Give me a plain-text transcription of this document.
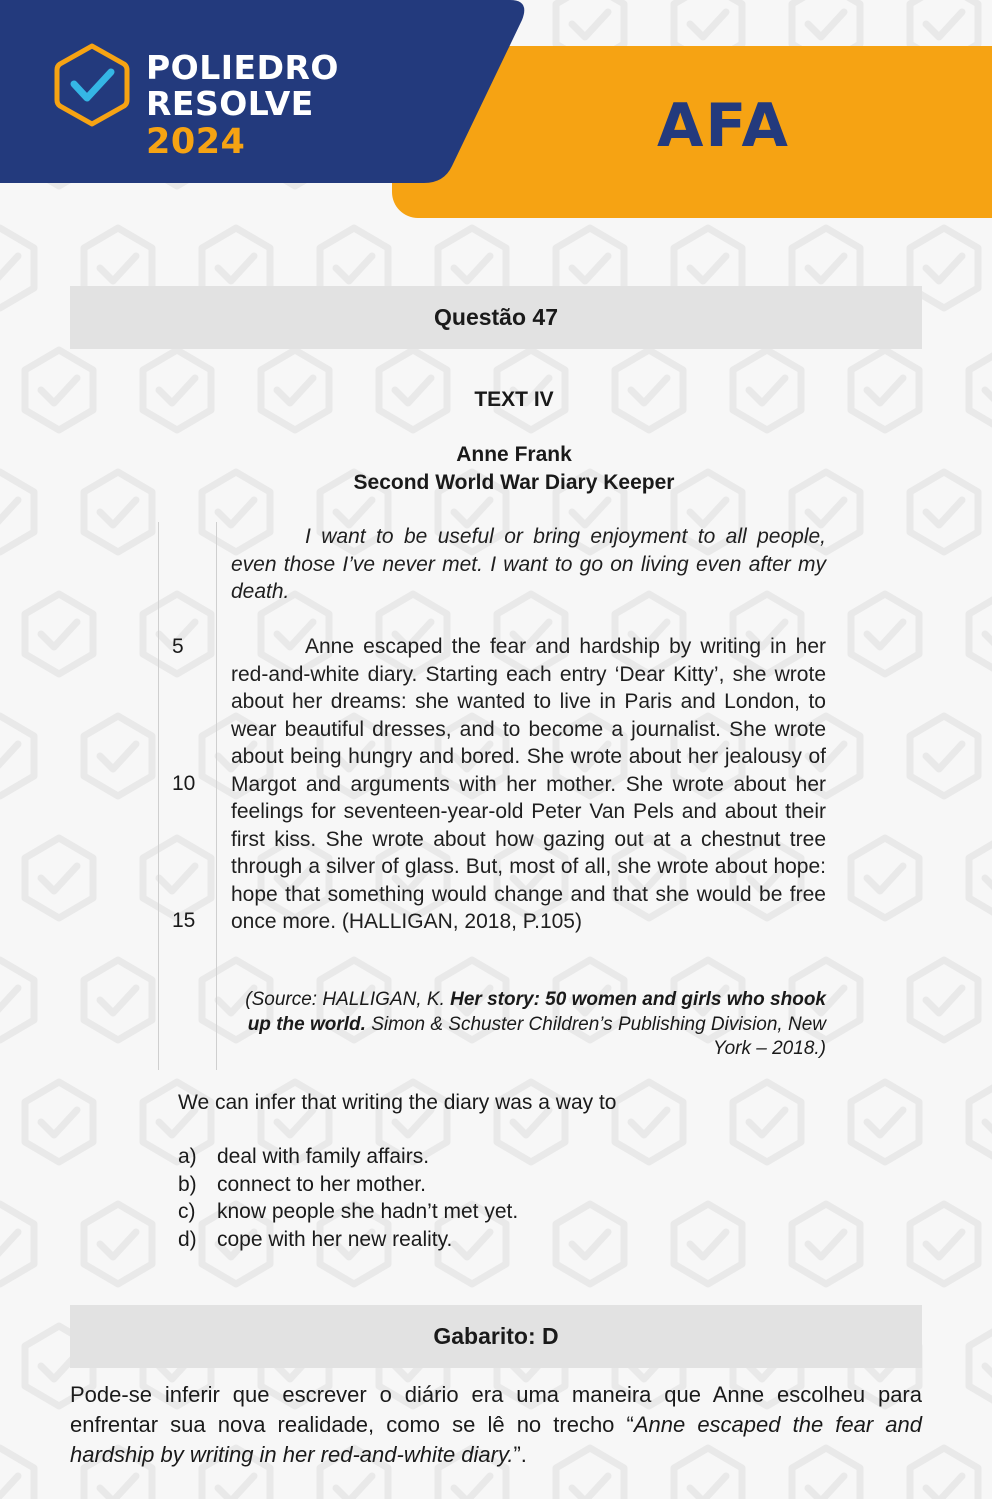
POLIEDRO

RESOLVE

2024	AFA

Questão 47

TEXT IV

Anne Frank

Second World War Diary Keeper

5

10

15

I want to be useful or bring enjoyment to all people, even those I’ve never met. I want to go on living even after my death.

Anne escaped the fear and hardship by writing in her red-and-white diary. Starting each entry ‘Dear Kitty’, she wrote about her dreams: she wanted to live in Paris and London, to wear beautiful dresses, and to become a journalist. She wrote about being hungry and bored. She wrote about her jealousy of Margot and arguments with her mother. She wrote about her feelings for seventeen-year-old Peter Van Pels and about their first kiss. She wrote about how gazing out at a chestnut tree through a silver of glass. But, most of all, she wrote about hope: hope that something would change and that she would be free once more. (HALLIGAN, 2018, P.105)

(Source: HALLIGAN, K. Her story: 50 women and girls who shook up the world. Simon & Schuster Children’s Publishing Division, New York – 2018.)

We can infer that writing the diary was a way to

a) deal with family affairs.

b) connect to her mother.

c)	know people she hadn’t met yet.

d) cope with her new reality.

Gabarito: D

Pode-se inferir que escrever o diário era uma maneira que Anne escolheu para enfrentar sua nova realidade, como se lê no trecho “Anne escaped the fear and hardship by writing in her red-and-white diary.”.
